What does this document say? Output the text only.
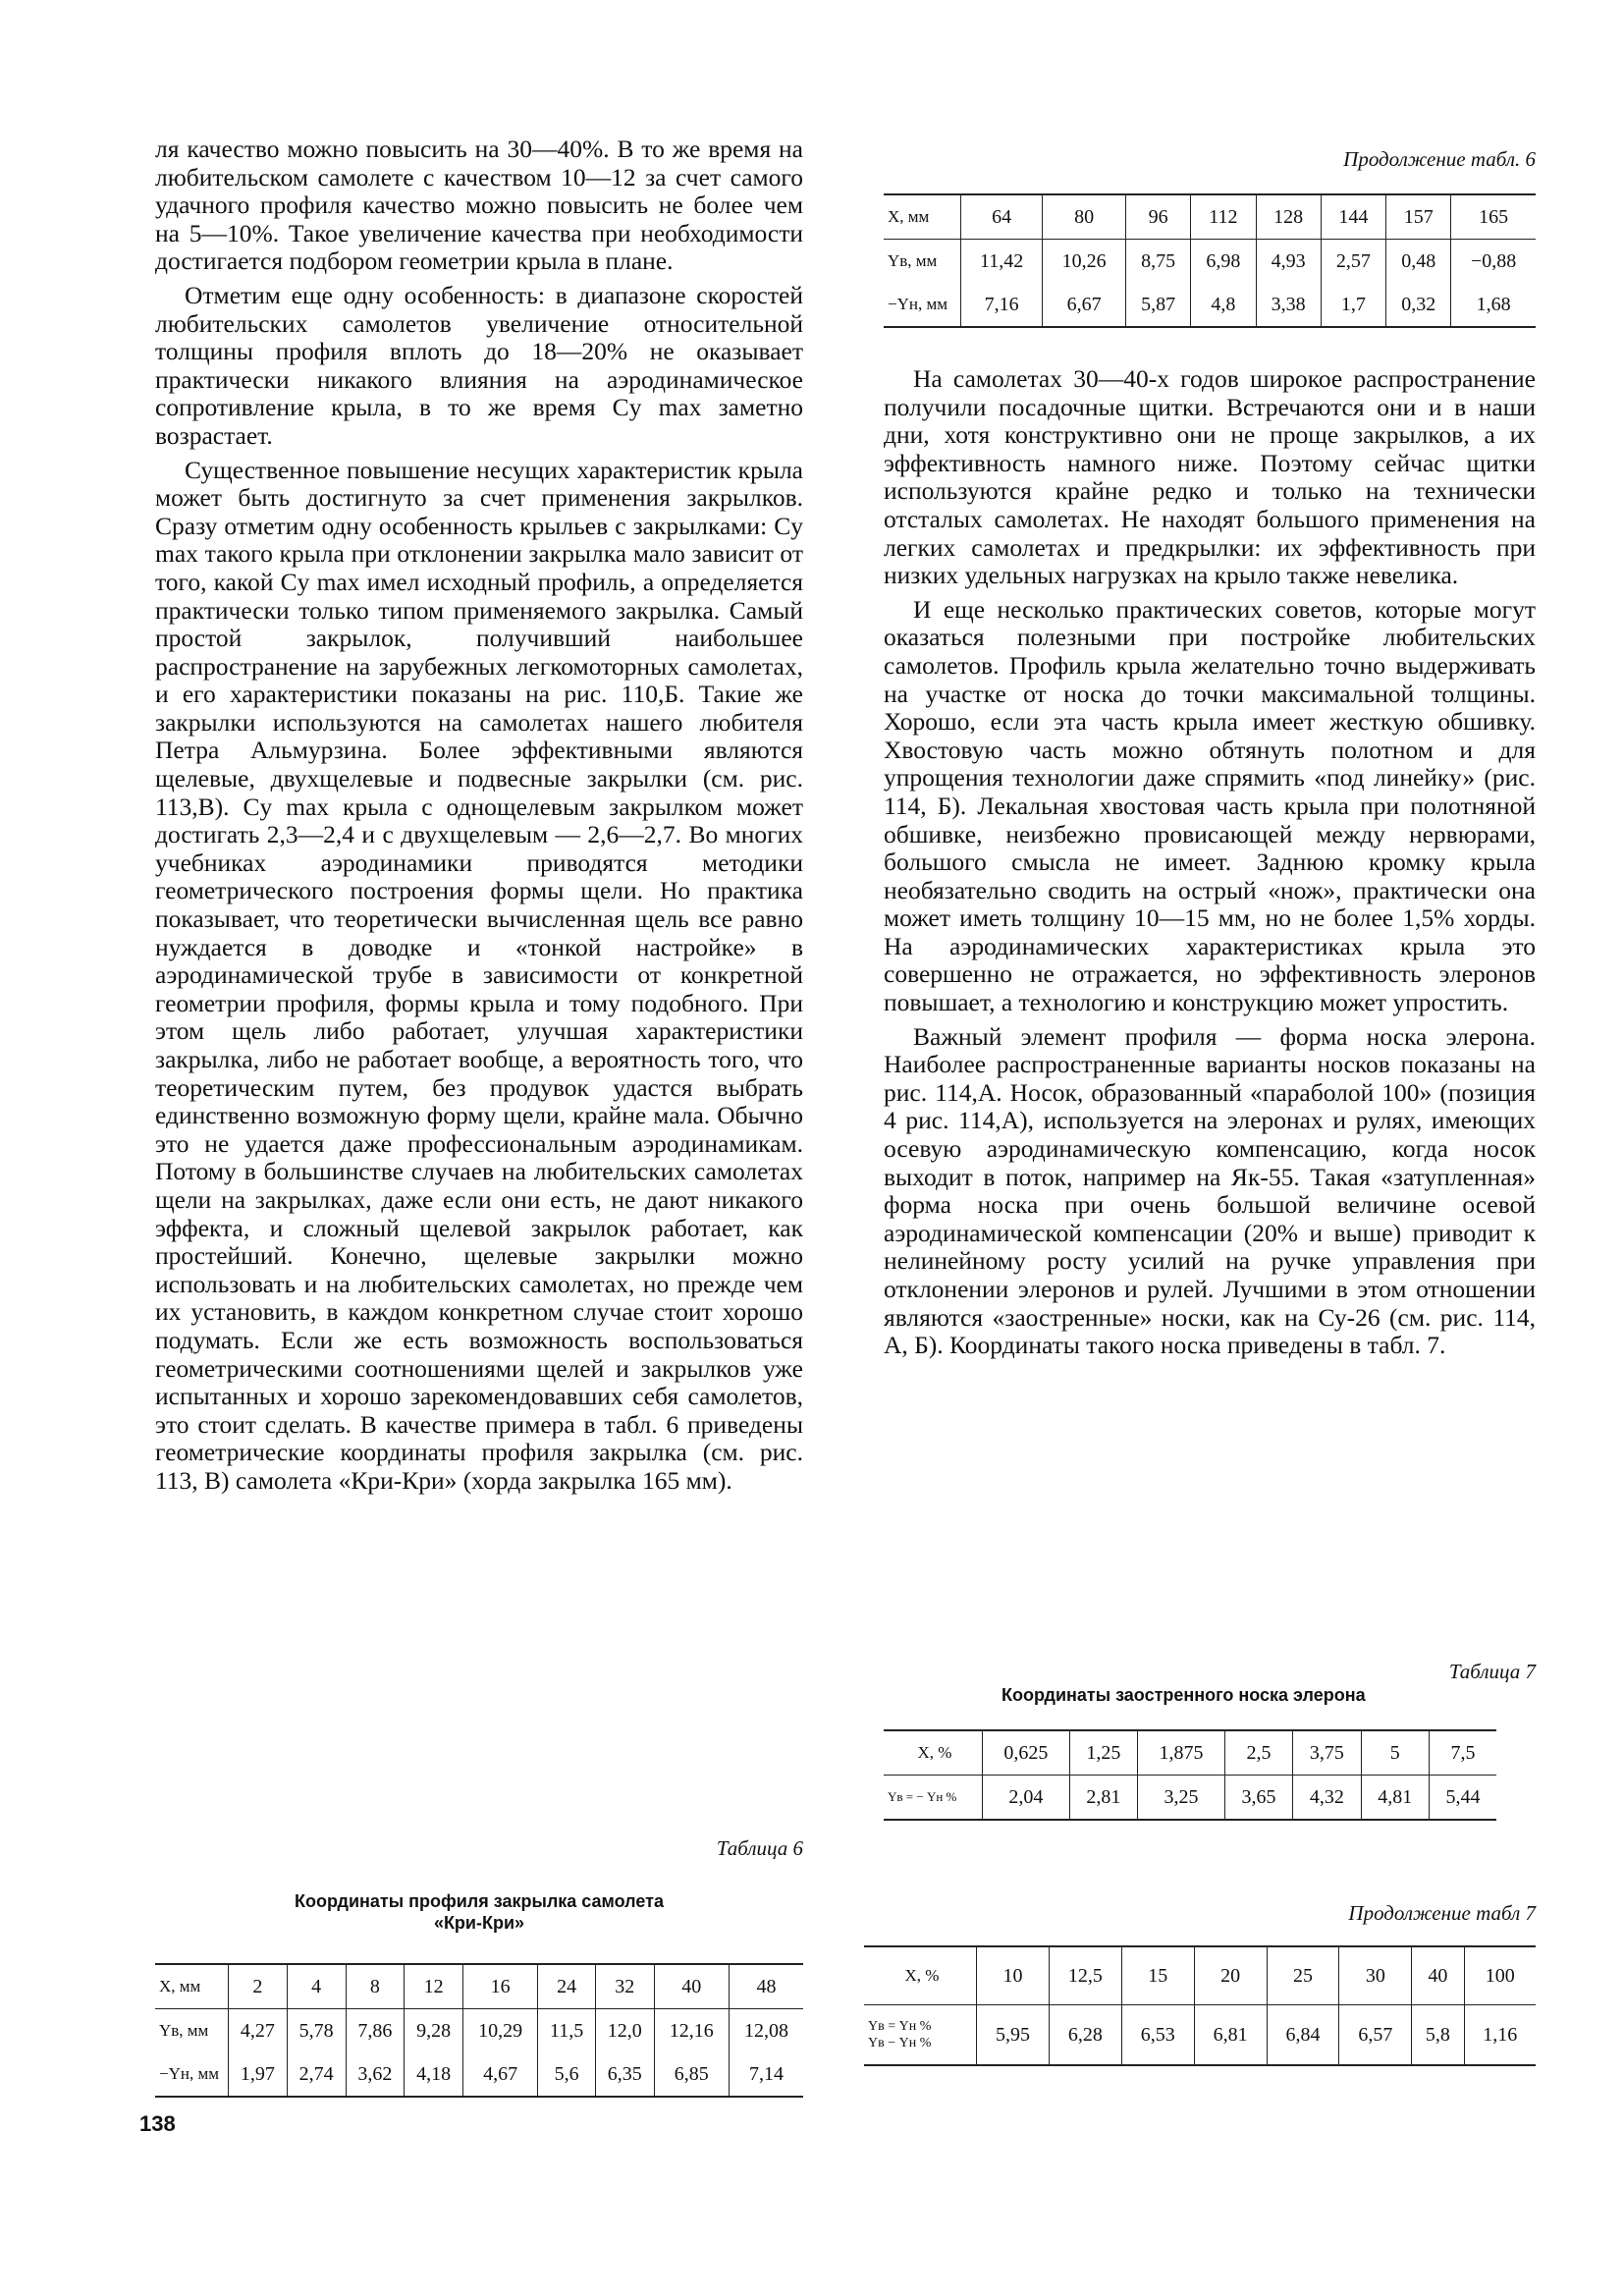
ля качество можно повысить на 30—40%. В то же время на любительском самолете с качеством 10—12 за счет самого удачного профиля качество можно повысить не более чем на 5—10%. Такое увеличение качества при необходимости достигается подбором геометрии крыла в плане.

Отметим еще одну особенность: в диапазоне скоростей любительских самолетов увеличение относительной толщины профиля вплоть до 18—20% не оказывает практически никакого влияния на аэродинамическое сопротивление крыла, в то же время Cy max заметно возрастает.

Существенное повышение несущих характеристик крыла может быть достигнуто за счет применения закрылков. Сразу отметим одну особенность крыльев с закрылками: Cy max такого крыла при отклонении закрылка мало зависит от того, какой Cy max имел исходный профиль, а определяется практически только типом применяемого закрылка. Самый простой закрылок, получивший наибольшее распространение на зарубежных легкомоторных самолетах, и его характеристики показаны на рис. 110,Б. Такие же закрылки используются на самолетах нашего любителя Петра Альмурзина. Более эффективными являются щелевые, двухщелевые и подвесные закрылки (см. рис. 113,В). Cy max крыла с однощелевым закрылком может достигать 2,3—2,4 и с двухщелевым — 2,6—2,7. Во многих учебниках аэродинамики приводятся методики геометрического построения формы щели. Но практика показывает, что теоретически вычисленная щель все равно нуждается в доводке и «тонкой настройке» в аэродинамической трубе в зависимости от конкретной геометрии профиля, формы крыла и тому подобного. При этом щель либо работает, улучшая характеристики закрылка, либо не работает вообще, а вероятность того, что теоретическим путем, без продувок удастся выбрать единственно возможную форму щели, крайне мала. Обычно это не удается даже профессиональным аэродинамикам. Потому в большинстве случаев на любительских самолетах щели на закрылках, даже если они есть, не дают никакого эффекта, и сложный щелевой закрылок работает, как простейший. Конечно, щелевые закрылки можно использовать и на любительских самолетах, но прежде чем их установить, в каждом конкретном случае стоит хорошо подумать. Если же есть возможность воспользоваться геометрическими соотношениями щелей и закрылков уже испытанных и хорошо зарекомендовавших себя самолетов, это стоит сделать. В качестве примера в табл. 6 приведены геометрические координаты профиля закрылка (см. рис. 113, В) самолета «Кри-Кри» (хорда закрылка 165 мм).

Таблица 6
Координаты профиля закрылка самолета
«Кри-Кри»
X, мм	2	4	8	12	16	24	32	40	48
Yв, мм	4,27	5,78	7,86	9,28	10,29	11,5	12,0	12,16	12,08
−Yн, мм	1,97	2,74	3,62	4,18	4,67	5,6	6,35	6,85	7,14
138
Продолжение табл. 6
X, мм	64	80	96	112	128	144	157	165
Yв, мм	11,42	10,26	8,75	6,98	4,93	2,57	0,48	−0,88
−Yн, мм	7,16	6,67	5,87	4,8	3,38	1,7	0,32	1,68

На самолетах 30—40-х годов широкое распространение получили посадочные щитки. Встречаются они и в наши дни, хотя конструктивно они не проще закрылков, а их эффективность намного ниже. Поэтому сейчас щитки используются крайне редко и только на технически отсталых самолетах. Не находят большого применения на легких самолетах и предкрылки: их эффективность при низких удельных нагрузках на крыло также невелика.

И еще несколько практических советов, которые могут оказаться полезными при постройке любительских самолетов. Профиль крыла желательно точно выдерживать на участке от носка до точки максимальной толщины. Хорошо, если эта часть крыла имеет жесткую обшивку. Хвостовую часть можно обтянуть полотном и для упрощения технологии даже спрямить «под линейку» (рис. 114, Б). Лекальная хвостовая часть крыла при полотняной обшивке, неизбежно провисающей между нервюрами, большого смысла не имеет. Заднюю кромку крыла необязательно сводить на острый «нож», практически она может иметь толщину 10—15 мм, но не более 1,5% хорды. На аэродинамических характеристиках крыла это совершенно не отражается, но эффективность элеронов повышает, а технологию и конструкцию может упростить.

Важный элемент профиля — форма носка элерона. Наиболее распространенные варианты носков показаны на рис. 114,А. Носок, образованный «параболой 100» (позиция 4 рис. 114,А), используется на элеронах и рулях, имеющих осевую аэродинамическую компенсацию, когда носок выходит в поток, например на Як-55. Такая «затупленная» форма носка при очень большой величине осевой аэродинамической компенсации (20% и выше) приводит к нелинейному росту усилий на ручке управления при отклонении элеронов и рулей. Лучшими в этом отношении являются «заостренные» носки, как на Су-26 (см. рис. 114, А, Б). Координаты такого носка приведены в табл. 7.

Таблица 7
Координаты заостренного носка элерона
X, %	0,625	1,25	1,875	2,5	3,75	5	7,5
Yв = − Yн %	2,04	2,81	3,25	3,65	4,32	4,81	5,44
Продолжение табл 7
X, %	10	12,5	15	20	25	30	40	100

Yв = Yн %
Yв − Yн %	5,95	6,28	6,53	6,81	6,84	6,57	5,8	1,16
